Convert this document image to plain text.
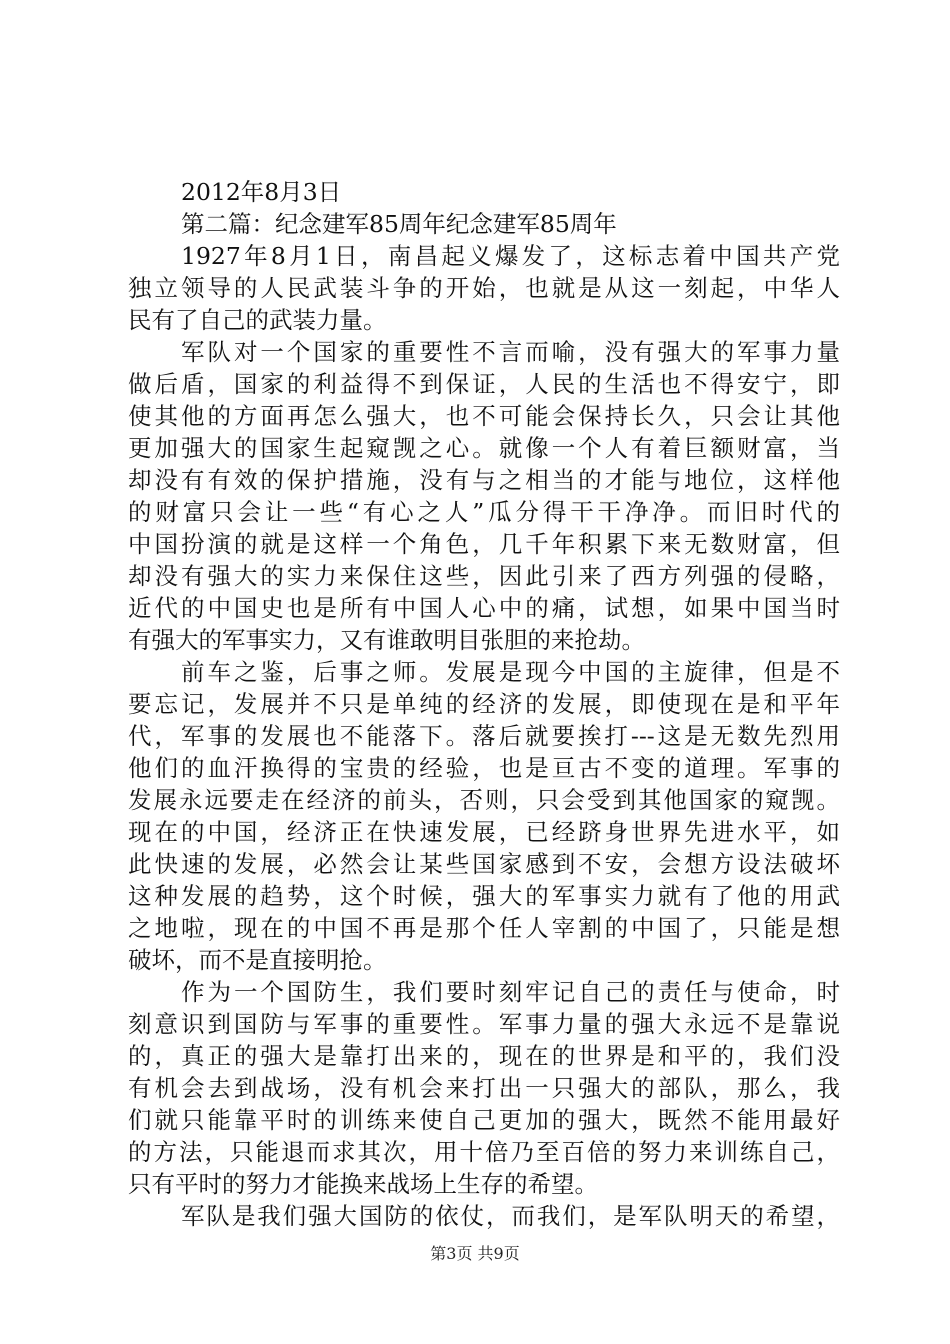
2012年8月3日
第二篇：纪念建军85周年纪念建军85周年
1927年8月1日，南昌起义爆发了，这标志着中国共产党
独立领导的人民武装斗争的开始，也就是从这一刻起，中华人
民有了自己的武装力量。
军队对一个国家的重要性不言而喻，没有强大的军事力量
做后盾，国家的利益得不到保证，人民的生活也不得安宁，即
使其他的方面再怎么强大，也不可能会保持长久，只会让其他
更加强大的国家生起窥觊之心。就像一个人有着巨额财富，当
却没有有效的保护措施，没有与之相当的才能与地位，这样他
的财富只会让一些“有心之人”瓜分得干干净净。而旧时代的
中国扮演的就是这样一个角色，几千年积累下来无数财富，但
却没有强大的实力来保住这些，因此引来了西方列强的侵略，
近代的中国史也是所有中国人心中的痛，试想，如果中国当时
有强大的军事实力，又有谁敢明目张胆的来抢劫。
前车之鉴，后事之师。发展是现今中国的主旋律，但是不
要忘记，发展并不只是单纯的经济的发展，即使现在是和平年
代，军事的发展也不能落下。落后就要挨打---这是无数先烈用
他们的血汗换得的宝贵的经验，也是亘古不变的道理。军事的
发展永远要走在经济的前头，否则，只会受到其他国家的窥觊。
现在的中国，经济正在快速发展，已经跻身世界先进水平，如
此快速的发展，必然会让某些国家感到不安，会想方设法破坏
这种发展的趋势，这个时候，强大的军事实力就有了他的用武
之地啦，现在的中国不再是那个任人宰割的中国了，只能是想
破坏，而不是直接明抢。
作为一个国防生，我们要时刻牢记自己的责任与使命，时
刻意识到国防与军事的重要性。军事力量的强大永远不是靠说
的，真正的强大是靠打出来的，现在的世界是和平的，我们没
有机会去到战场，没有机会来打出一只强大的部队，那么，我
们就只能靠平时的训练来使自己更加的强大，既然不能用最好
的方法，只能退而求其次，用十倍乃至百倍的努力来训练自己，
只有平时的努力才能换来战场上生存的希望。
军队是我们强大国防的依仗，而我们，是军队明天的希望，
第3页 共9页
